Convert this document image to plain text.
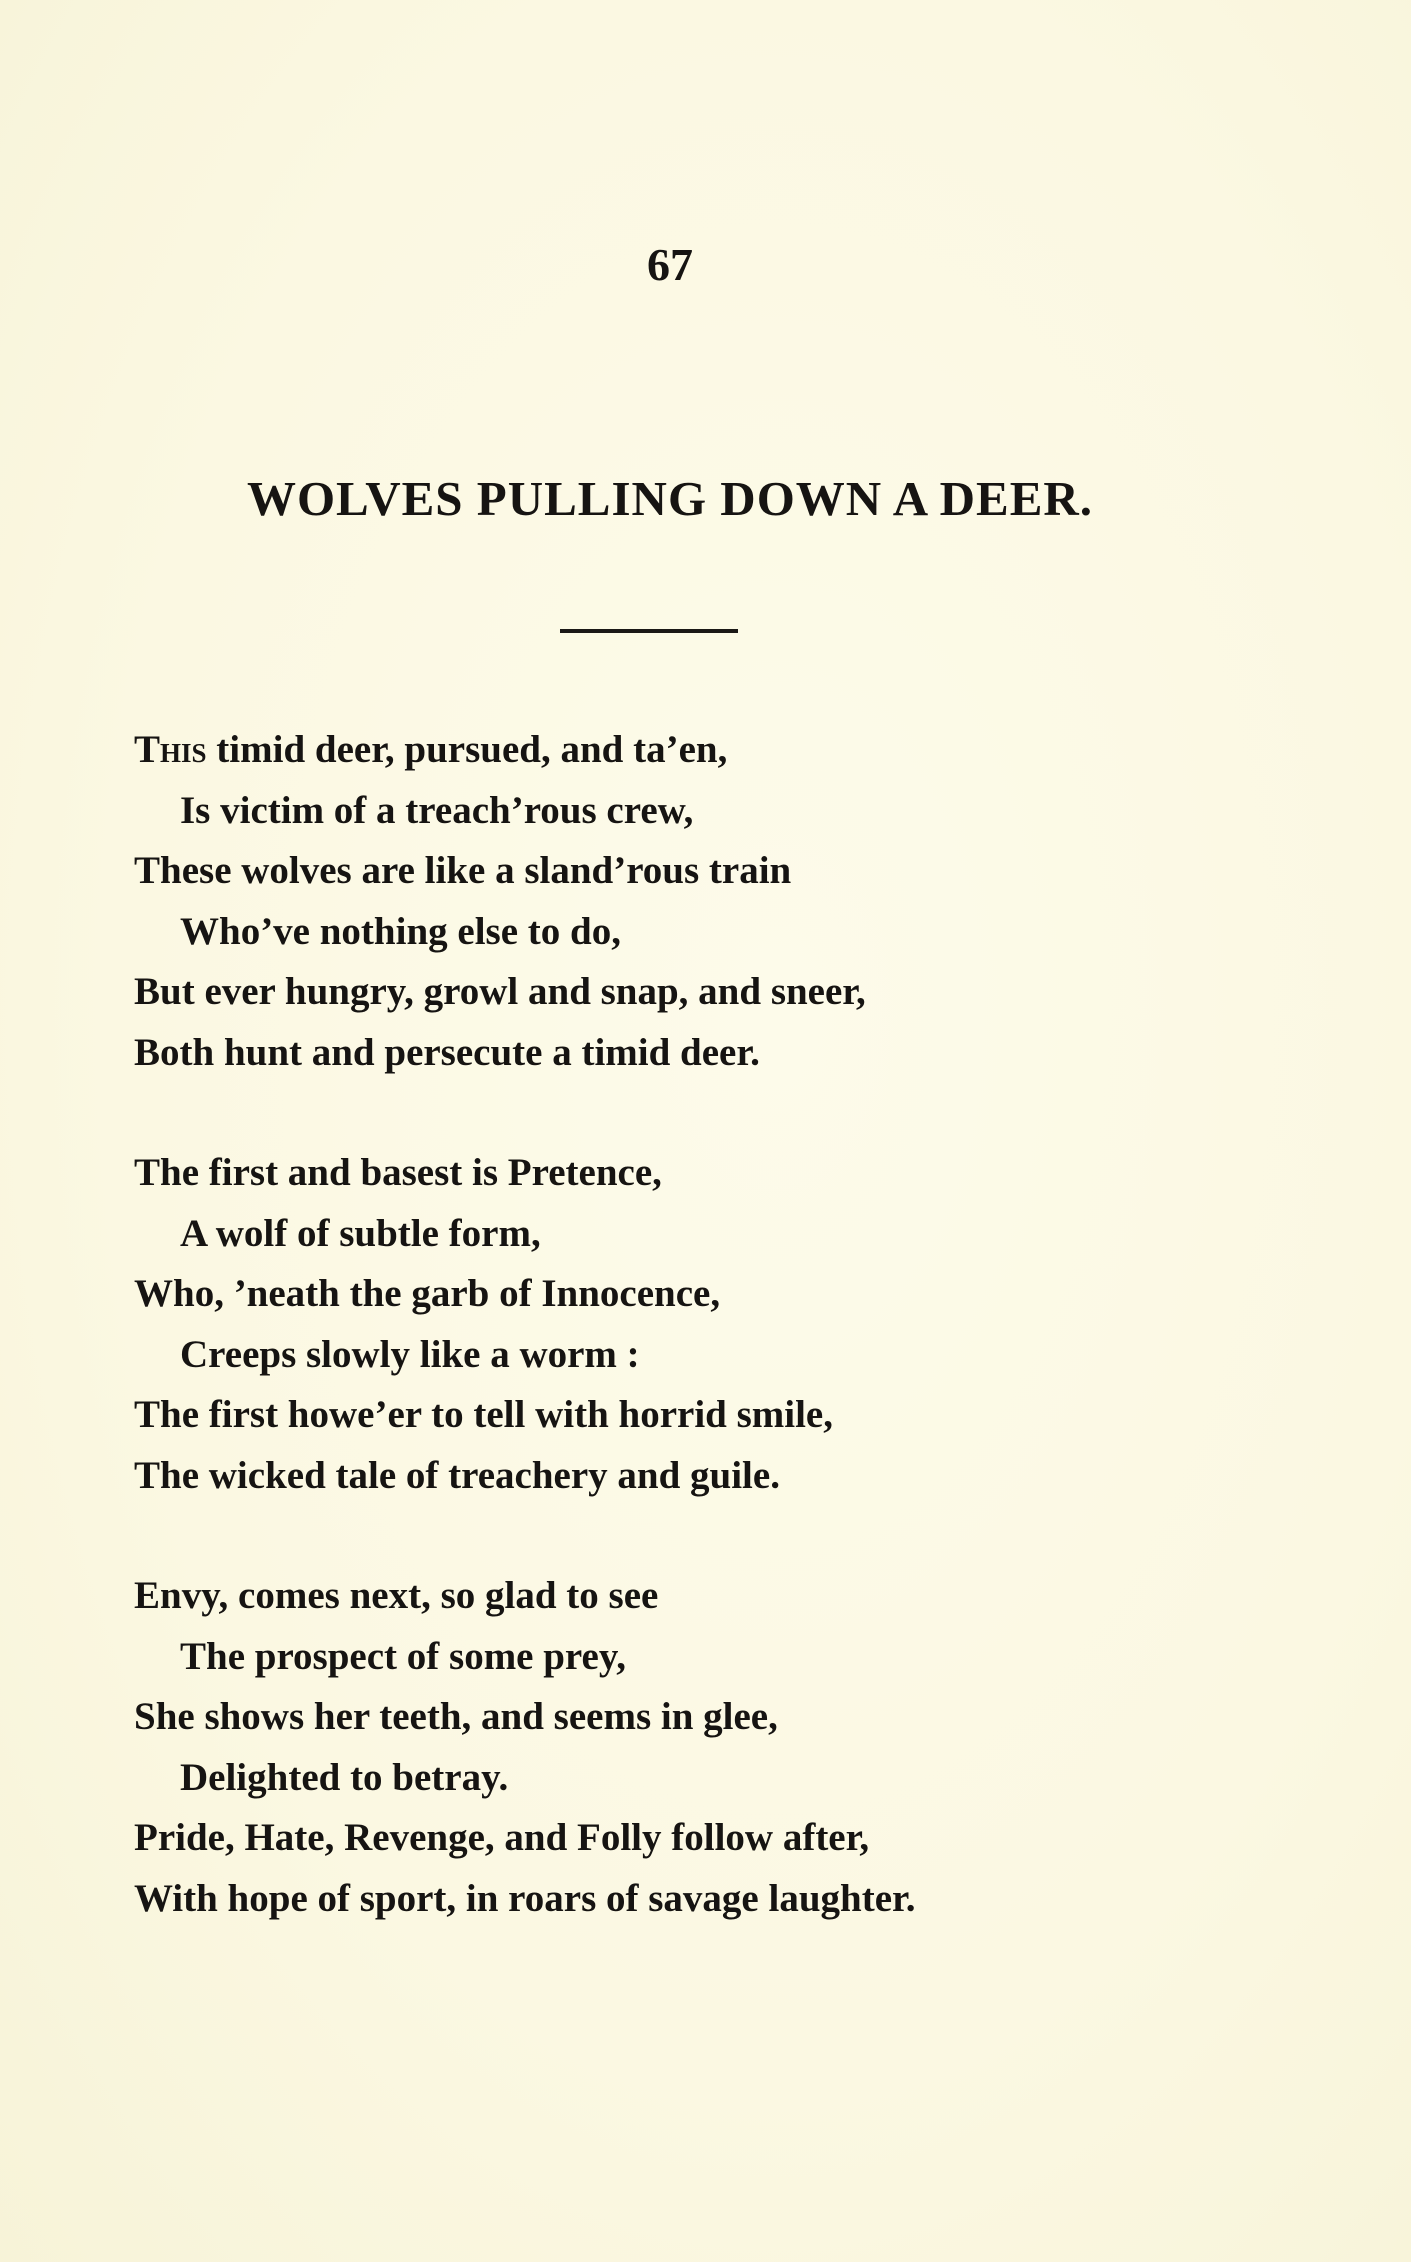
67
WOLVES PULLING DOWN A DEER.
This timid deer, pursued, and ta’en,
Is victim of a treach’rous crew,
These wolves are like a sland’rous train
Who’ve nothing else to do,
But ever hungry, growl and snap, and sneer,
Both hunt and persecute a timid deer.
The first and basest is Pretence,
A wolf of subtle form,
Who, ’neath the garb of Innocence,
Creeps slowly like a worm :
The first howe’er to tell with horrid smile,
The wicked tale of treachery and guile.
Envy, comes next, so glad to see
The prospect of some prey,
She shows her teeth, and seems in glee,
Delighted to betray.
Pride, Hate, Revenge, and Folly follow after,
With hope of sport, in roars of savage laughter.
